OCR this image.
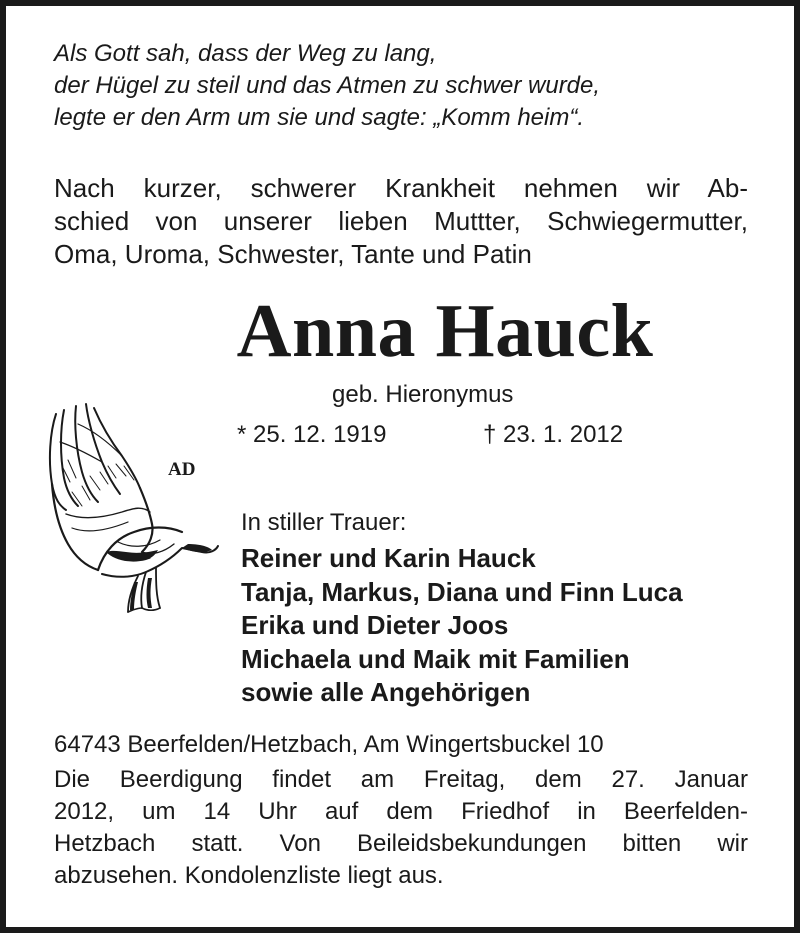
Als Gott sah, dass der Weg zu lang,
der Hügel zu steil und das Atmen zu schwer wurde,
legte er den Arm um sie und sagte: „Komm heim“.
Nach kurzer, schwerer Krankheit nehmen wir Ab-
schied von unserer lieben Muttter, Schwiegermutter,
Oma, Uroma, Schwester, Tante und Patin
Anna Hauck
geb. Hieronymus
* 25. 12. 1919	† 23. 1. 2012
AD
In stiller Trauer:
Reiner und Karin Hauck
Tanja, Markus, Diana und Finn Luca
Erika und Dieter Joos
Michaela und Maik mit Familien
sowie alle Angehörigen
64743 Beerfelden/Hetzbach, Am Wingertsbuckel 10
Die Beerdigung findet am Freitag, dem 27. Januar
2012, um 14 Uhr auf dem Friedhof in Beerfelden-
Hetzbach statt. Von Beileidsbekundungen bitten wir
abzusehen. Kondolenzliste liegt aus.
